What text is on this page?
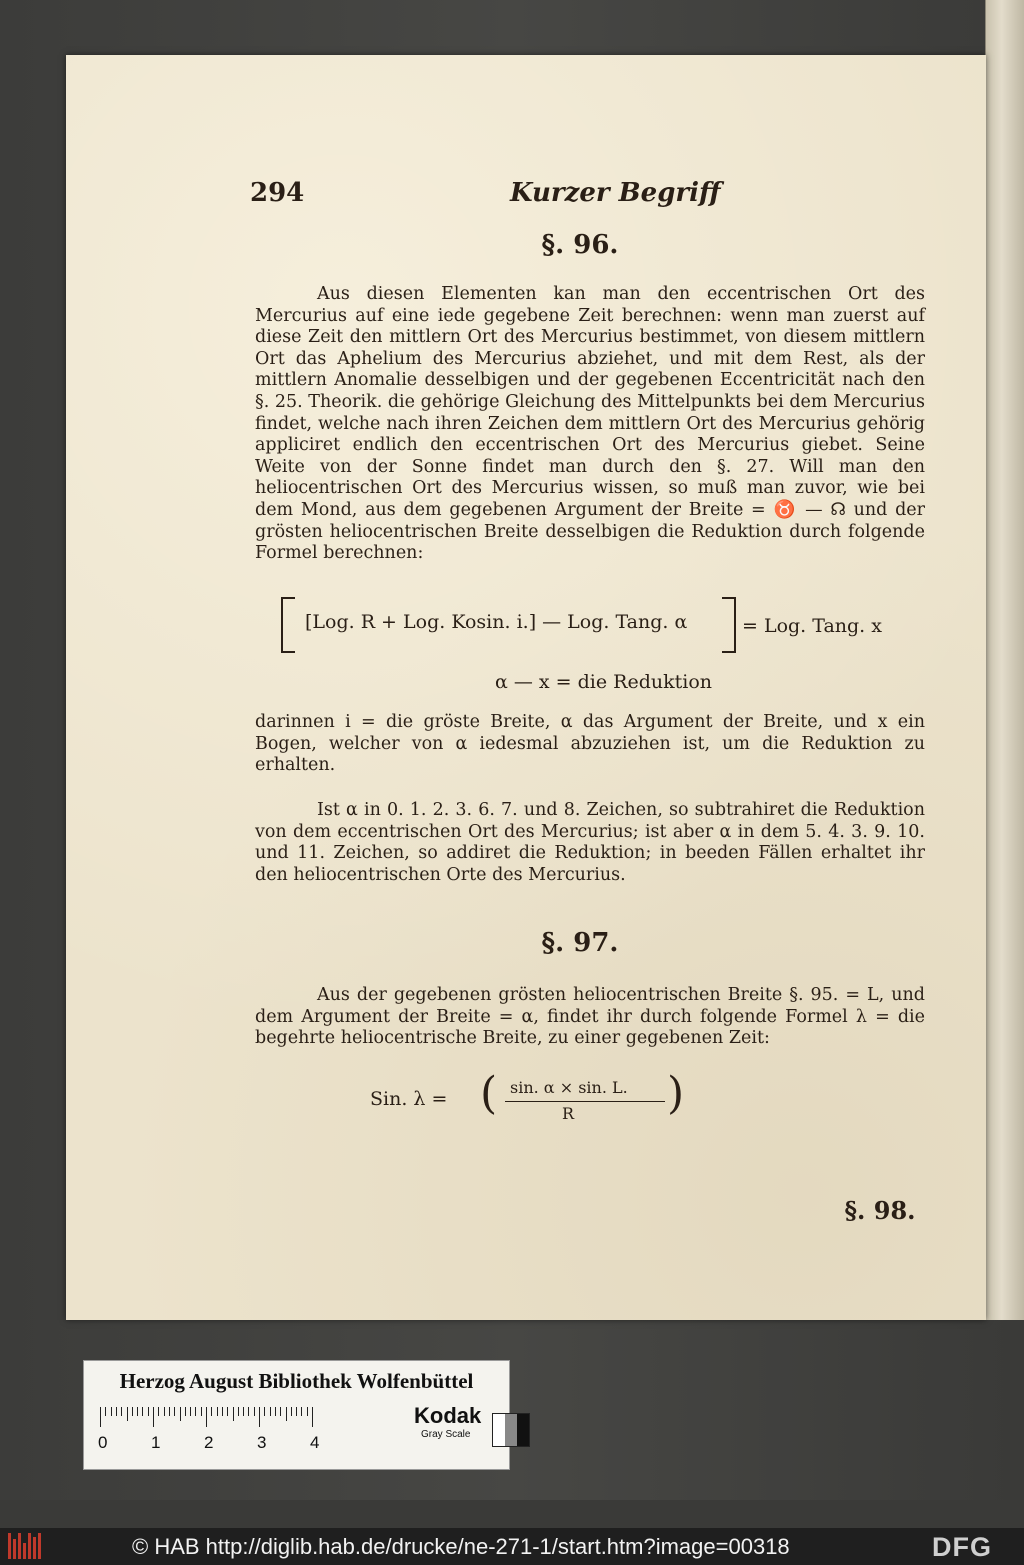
294	Kurzer Begriff
§. 96.
Aus diesen Elementen kan man den eccentrischen Ort des Mercurius auf eine iede gegebene Zeit berechnen: wenn man zuerst auf diese Zeit den mittlern Ort des Mercurius bestimmet, von diesem mittlern Ort das Aphelium des Mercurius abziehet, und mit dem Rest, als der mittlern Anomalie desselbigen und der gegebenen Eccentricität nach den §. 25. Theorik. die gehörige Gleichung des Mittelpunkts bei dem Mercurius findet, welche nach ihren Zeichen dem mittlern Ort des Mercurius gehörig appliciret endlich den eccentrischen Ort des Mercurius giebet. Seine Weite von der Sonne findet man durch den §. 27. Will man den heliocentrischen Ort des Mercurius wissen, so muß man zuvor, wie bei dem Mond, aus dem gegebenen Argument der Breite = ♉ — ☊ und der grösten heliocentrischen Breite desselbigen die Reduktion durch folgende Formel berechnen:
[Log. R + Log. Kosin. i.] — Log. Tang. α	= Log. Tang. x
α — x = die Reduktion
darinnen i = die gröste Breite, α das Argument der Breite, und x ein Bogen, welcher von α iedesmal abzuziehen ist, um die Reduktion zu erhalten.
Ist α in 0. 1. 2. 3. 6. 7. und 8. Zeichen, so subtrahiret die Reduktion von dem eccentrischen Ort des Mercurius; ist aber α in dem 5. 4. 3. 9. 10. und 11. Zeichen, so addiret die Reduktion; in beeden Fällen erhaltet ihr den heliocentrischen Orte des Mercurius.
§. 97.
Aus der gegebenen grösten heliocentrischen Breite §. 95. = L, und dem Argument der Breite = α, findet ihr durch folgende Formel λ = die begehrte heliocentrische Breite, zu einer gegebenen Zeit:
Sin. λ = ( sin. α × sin. L.
R )
§. 98.
Herzog August Bibliothek Wolfenbüttel
0	1	2	3	4
Kodak
Gray Scale
© HAB http://diglib.hab.de/drucke/ne-271-1/start.htm?image=00318	DFG
